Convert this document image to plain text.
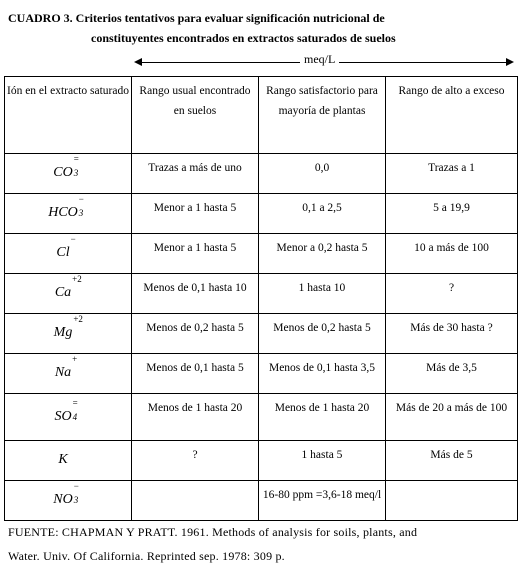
CUADRO 3. Criterios tentativos para evaluar significación nutricional de
constituyentes encontrados en extractos saturados de suelos
meq/L
Ión en el extracto saturado	Rango usual encontrado en suelos	Rango satisfactorio para mayoría de plantas	Rango de alto a exceso
CO
=
3	Trazas a más de uno	0,0	Trazas a 1
HCO
−
3	Menor a 1 hasta 5	0,1 a 2,5	5 a 19,9
Cl
−	Menor a 1 hasta 5	Menor a 0,2 hasta 5	10 a más de 100
Ca
+2	Menos de 0,1 hasta 10	1 hasta 10	?
Mg
+2	Menos de 0,2 hasta 5	Menos de 0,2 hasta 5	Más de 30 hasta ?
Na
+	Menos de 0,1 hasta 5	Menos de 0,1 hasta 3,5	Más de 3,5
SO
=
4	Menos de 1 hasta 20	Menos de 1 hasta 20	Más de 20 a más de 100
K	?	1 hasta 5	Más de 5
NO
−
3		16-80 ppm =3,6-18 meq/l	
FUENTE: CHAPMAN Y PRATT. 1961. Methods of analysis for soils, plants, and
Water. Univ. Of California. Reprinted sep. 1978: 309 p.
